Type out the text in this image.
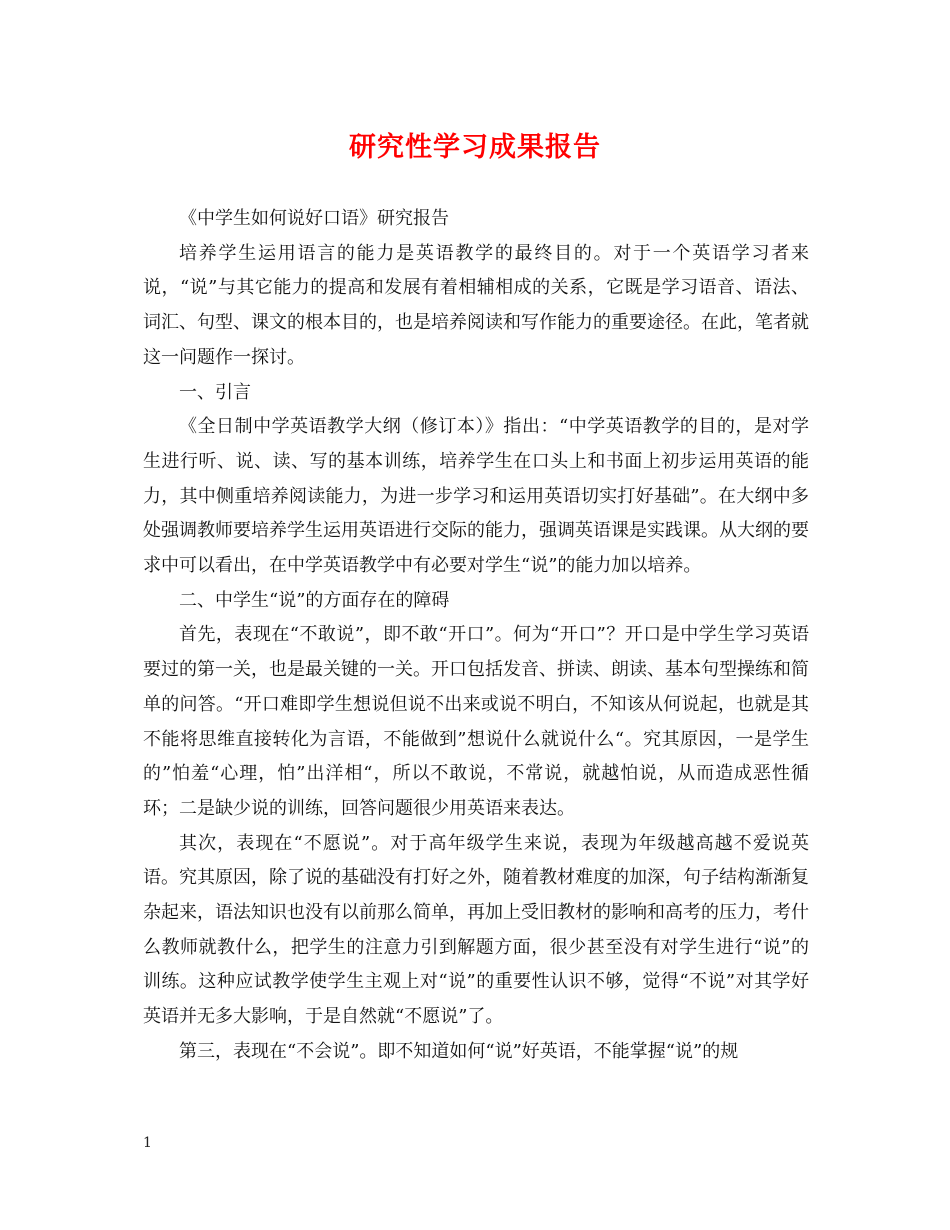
研究性学习成果报告

《中学生如何说好口语》研究报告

培养学生运用语言的能力是英语教学的最终目的。对于一个英语学习者来说，“说”与其它能力的提高和发展有着相辅相成的关系，它既是学习语音、语法、词汇、句型、课文的根本目的，也是培养阅读和写作能力的重要途径。在此，笔者就这一问题作一探讨。

一、引言

《全日制中学英语教学大纲（修订本）》指出：“中学英语教学的目的，是对学生进行听、说、读、写的基本训练，培养学生在口头上和书面上初步运用英语的能力，其中侧重培养阅读能力，为进一步学习和运用英语切实打好基础”。在大纲中多处强调教师要培养学生运用英语进行交际的能力，强调英语课是实践课。从大纲的要求中可以看出，在中学英语教学中有必要对学生“说”的能力加以培养。

二、中学生“说”的方面存在的障碍

首先，表现在“不敢说”，即不敢“开口”。何为“开口”？开口是中学生学习英语要过的第一关，也是最关键的一关。开口包括发音、拼读、朗读、基本句型操练和简单的问答。“开口难即学生想说但说不出来或说不明白，不知该从何说起，也就是其不能将思维直接转化为言语，不能做到”想说什么就说什么“。究其原因，一是学生的”怕羞“心理，怕”出洋相“，所以不敢说，不常说，就越怕说，从而造成恶性循环；二是缺少说的训练，回答问题很少用英语来表达。

其次，表现在“不愿说”。对于高年级学生来说，表现为年级越高越不爱说英语。究其原因，除了说的基础没有打好之外，随着教材难度的加深，句子结构渐渐复杂起来，语法知识也没有以前那么简单，再加上受旧教材的影响和高考的压力，考什么教师就教什么，把学生的注意力引到解题方面，很少甚至没有对学生进行“说”的训练。这种应试教学使学生主观上对“说”的重要性认识不够，觉得“不说”对其学好英语并无多大影响，于是自然就“不愿说”了。

第三，表现在“不会说”。即不知道如何“说”好英语，不能掌握“说”的规

1
